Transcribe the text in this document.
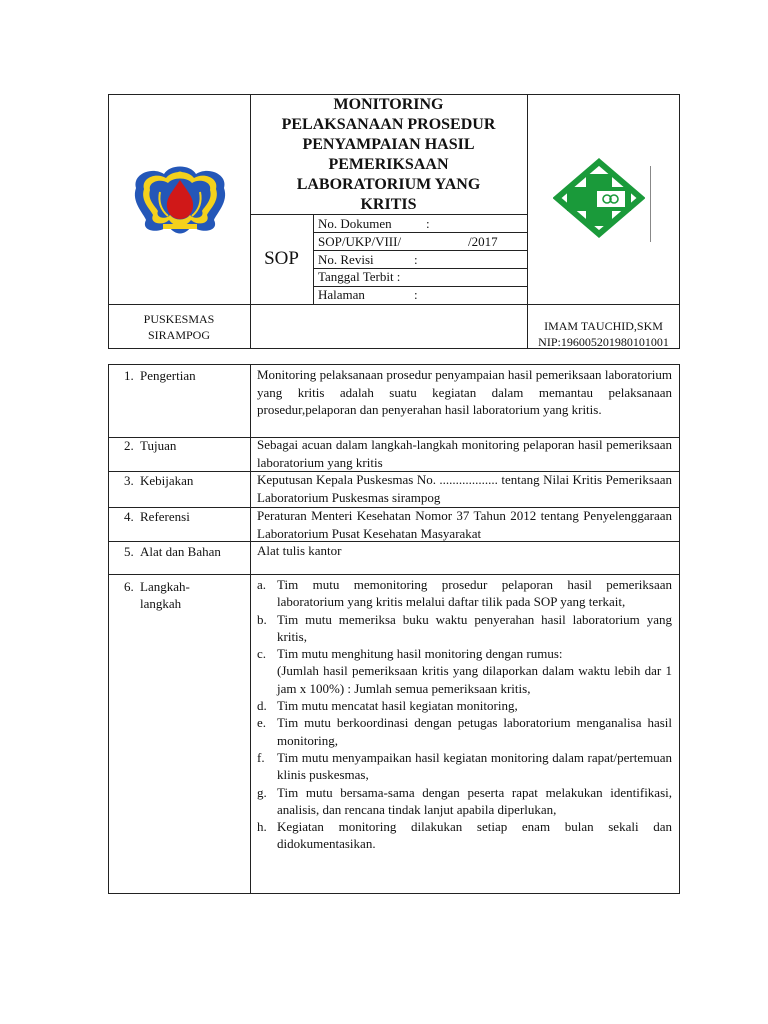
MONITORING
PELAKSANAAN PROSEDUR
PENYAMPAIAN HASIL
PEMERIKSAAN
LABORATORIUM YANG
KRITIS
SOP
No. Dokumen	:
SOP/UKP/VIII/	/2017
No. Revisi	:
Tanggal Terbit :
Halaman	:
PUSKESMAS
SIRAMPOG
IMAM TAUCHID,SKM
NIP:196005201980101001
1. Pengertian	Monitoring pelaksanaan prosedur penyampaian hasil pemeriksaan laboratorium yang kritis adalah suatu kegiatan dalam memantau pelaksanaan prosedur,pelaporan dan penyerahan hasil laboratorium yang kritis.
2. Tujuan	Sebagai acuan dalam langkah-langkah monitoring pelaporan hasil pemeriksaan laboratorium yang kritis
3. Kebijakan	Keputusan Kepala Puskesmas No. .................. tentang Nilai Kritis Pemeriksaan Laboratorium Puskesmas sirampog
4. Referensi	Peraturan Menteri Kesehatan Nomor 37 Tahun 2012 tentang Penyelenggaraan Laboratorium Pusat Kesehatan Masyarakat
5. Alat dan Bahan	Alat tulis kantor
6. Langkah-
langkah
a. Tim mutu memonitoring prosedur pelaporan hasil pemeriksaan laboratorium yang kritis melalui daftar tilik pada SOP yang terkait,
b. Tim mutu memeriksa buku waktu penyerahan hasil laboratorium yang kritis,
c. Tim mutu menghitung hasil monitoring dengan rumus:
(Jumlah hasil pemeriksaan kritis yang dilaporkan dalam waktu lebih dar 1 jam x 100%) : Jumlah semua pemeriksaan kritis,
d. Tim mutu mencatat hasil kegiatan monitoring,
e. Tim mutu berkoordinasi dengan petugas laboratorium menganalisa hasil monitoring,
f. Tim mutu menyampaikan hasil kegiatan monitoring dalam rapat/pertemuan klinis puskesmas,
g. Tim mutu bersama-sama dengan peserta rapat melakukan identifikasi, analisis, dan rencana tindak lanjut apabila diperlukan,
h. Kegiatan monitoring dilakukan setiap enam bulan sekali dan didokumentasikan.
